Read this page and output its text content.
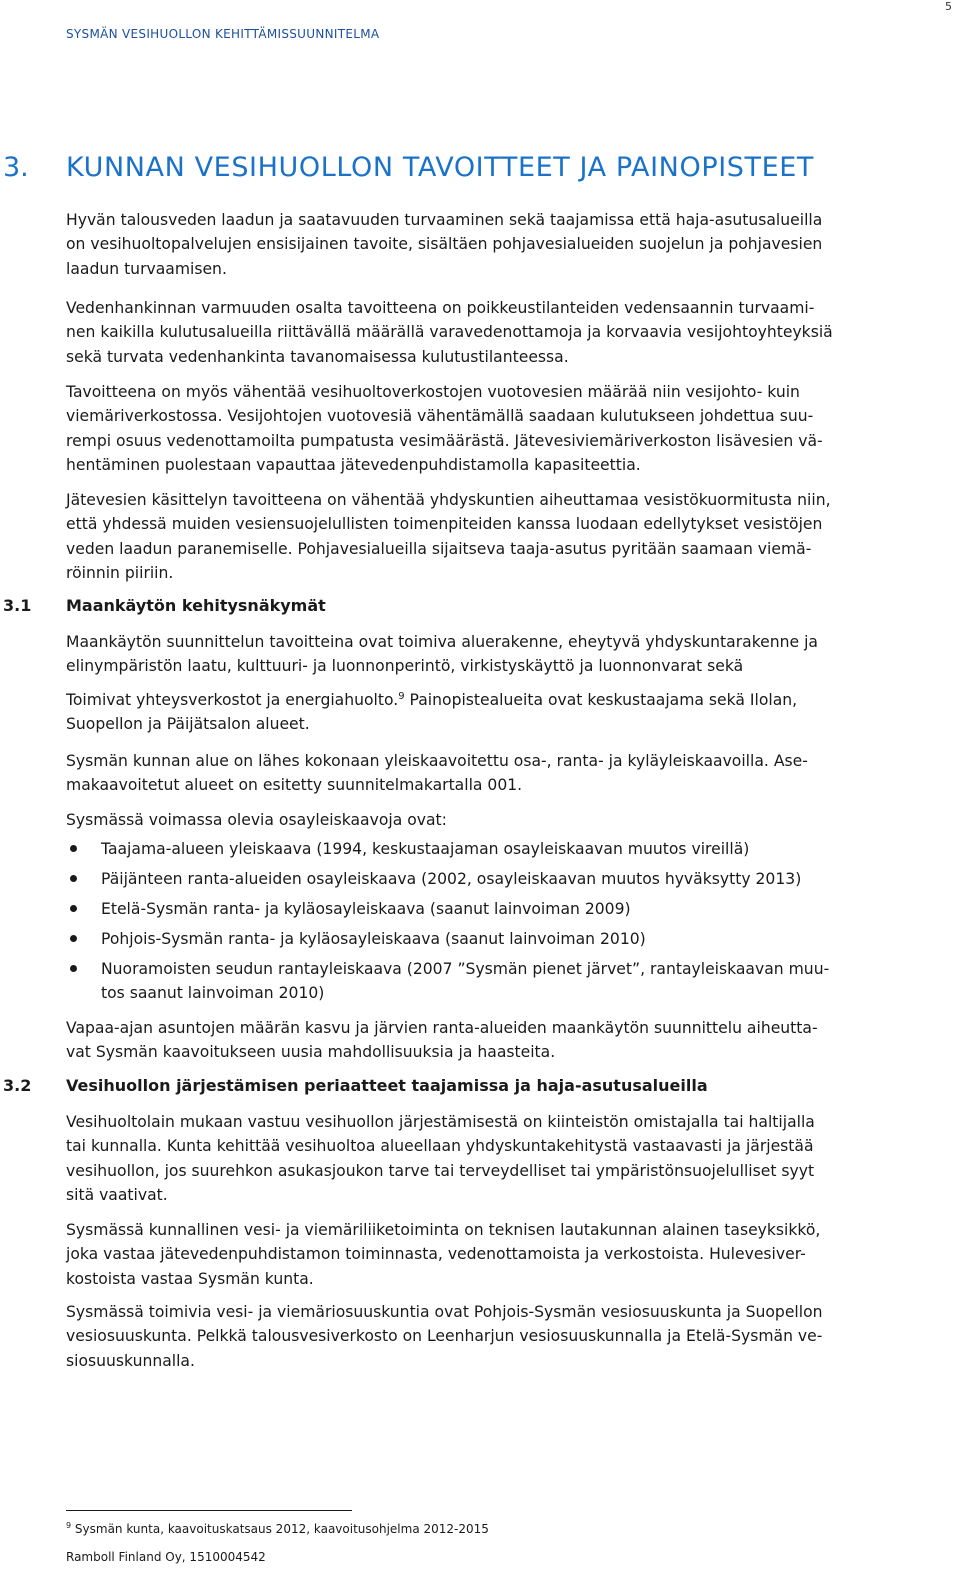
5
SYSMÄN VESIHUOLLON KEHITTÄMISSUUNNITELMA
3. KUNNAN VESIHUOLLON TAVOITTEET JA PAINOPISTEET
Hyvän talousveden laadun ja saatavuuden turvaaminen sekä taajamissa että haja-asutusalueilla
on vesihuoltopalvelujen ensisijainen tavoite, sisältäen pohjavesialueiden suojelun ja pohjavesien
laadun turvaamisen.
Vedenhankinnan varmuuden osalta tavoitteena on poikkeustilanteiden vedensaannin turvaami-
nen kaikilla kulutusalueilla riittävällä määrällä varavedenottamoja ja korvaavia vesijohtoyhteyksiä
sekä turvata vedenhankinta tavanomaisessa kulutustilanteessa.
Tavoitteena on myös vähentää vesihuoltoverkostojen vuotovesien määrää niin vesijohto- kuin
viemäriverkostossa. Vesijohtojen vuotovesiä vähentämällä saadaan kulutukseen johdettua suu-
rempi osuus vedenottamoilta pumpatusta vesimäärästä. Jätevesiviemäriverkoston lisävesien vä-
hentäminen puolestaan vapauttaa jätevedenpuhdistamolla kapasiteettia.
Jätevesien käsittelyn tavoitteena on vähentää yhdyskuntien aiheuttamaa vesistökuormitusta niin,
että yhdessä muiden vesiensuojelullisten toimenpiteiden kanssa luodaan edellytykset vesistöjen
veden laadun paranemiselle. Pohjavesialueilla sijaitseva taaja-asutus pyritään saamaan viemä-
röinnin piiriin.
3.1 Maankäytön kehitysnäkymät
Maankäytön suunnittelun tavoitteina ovat toimiva aluerakenne, eheytyvä yhdyskuntarakenne ja
elinympäristön laatu, kulttuuri- ja luonnonperintö, virkistyskäyttö ja luonnonvarat sekä
Toimivat yhteysverkostot ja energiahuolto.$^9$ Painopistealueita ovat keskustaajama sekä Ilolan,
Suopellon ja Päijätsalon alueet.
Sysmän kunnan alue on lähes kokonaan yleiskaavoitettu osa-, ranta- ja kyläyleiskaavoilla. Ase-
makaavoitetut alueet on esitetty suunnitelmakartalla 001.
Sysmässä voimassa olevia osayleiskaavoja ovat:
Taajama-alueen yleiskaava (1994, keskustaajaman osayleiskaavan muutos vireillä)
Päijänteen ranta-alueiden osayleiskaava (2002, osayleiskaavan muutos hyväksytty 2013)
Etelä-Sysmän ranta- ja kyläosayleiskaava (saanut lainvoiman 2009)
Pohjois-Sysmän ranta- ja kyläosayleiskaava (saanut lainvoiman 2010)
Nuoramoisten seudun rantayleiskaava (2007 ”Sysmän pienet järvet”, rantayleiskaavan muu-
tos saanut lainvoiman 2010)
Vapaa-ajan asuntojen määrän kasvu ja järvien ranta-alueiden maankäytön suunnittelu aiheutta-
vat Sysmän kaavoitukseen uusia mahdollisuuksia ja haasteita.
3.2 Vesihuollon järjestämisen periaatteet taajamissa ja haja-asutusalueilla
Vesihuoltolain mukaan vastuu vesihuollon järjestämisestä on kiinteistön omistajalla tai haltijalla
tai kunnalla. Kunta kehittää vesihuoltoa alueellaan yhdyskuntakehitystä vastaavasti ja järjestää
vesihuollon, jos suurehkon asukasjoukon tarve tai terveydelliset tai ympäristönsuojelulliset syyt
sitä vaativat.
Sysmässä kunnallinen vesi- ja viemäriliiketoiminta on teknisen lautakunnan alainen taseyksikkö,
joka vastaa jätevedenpuhdistamon toiminnasta, vedenottamoista ja verkostoista. Hulevesiver-
kostoista vastaa Sysmän kunta.
Sysmässä toimivia vesi- ja viemäriosuuskuntia ovat Pohjois-Sysmän vesiosuuskunta ja Suopellon
vesiosuuskunta. Pelkkä talousvesiverkosto on Leenharjun vesiosuuskunnalla ja Etelä-Sysmän ve-
siosuuskunnalla.
$^9$ Sysmän kunta, kaavoituskatsaus 2012, kaavoitusohjelma 2012-2015
Ramboll Finland Oy, 1510004542
